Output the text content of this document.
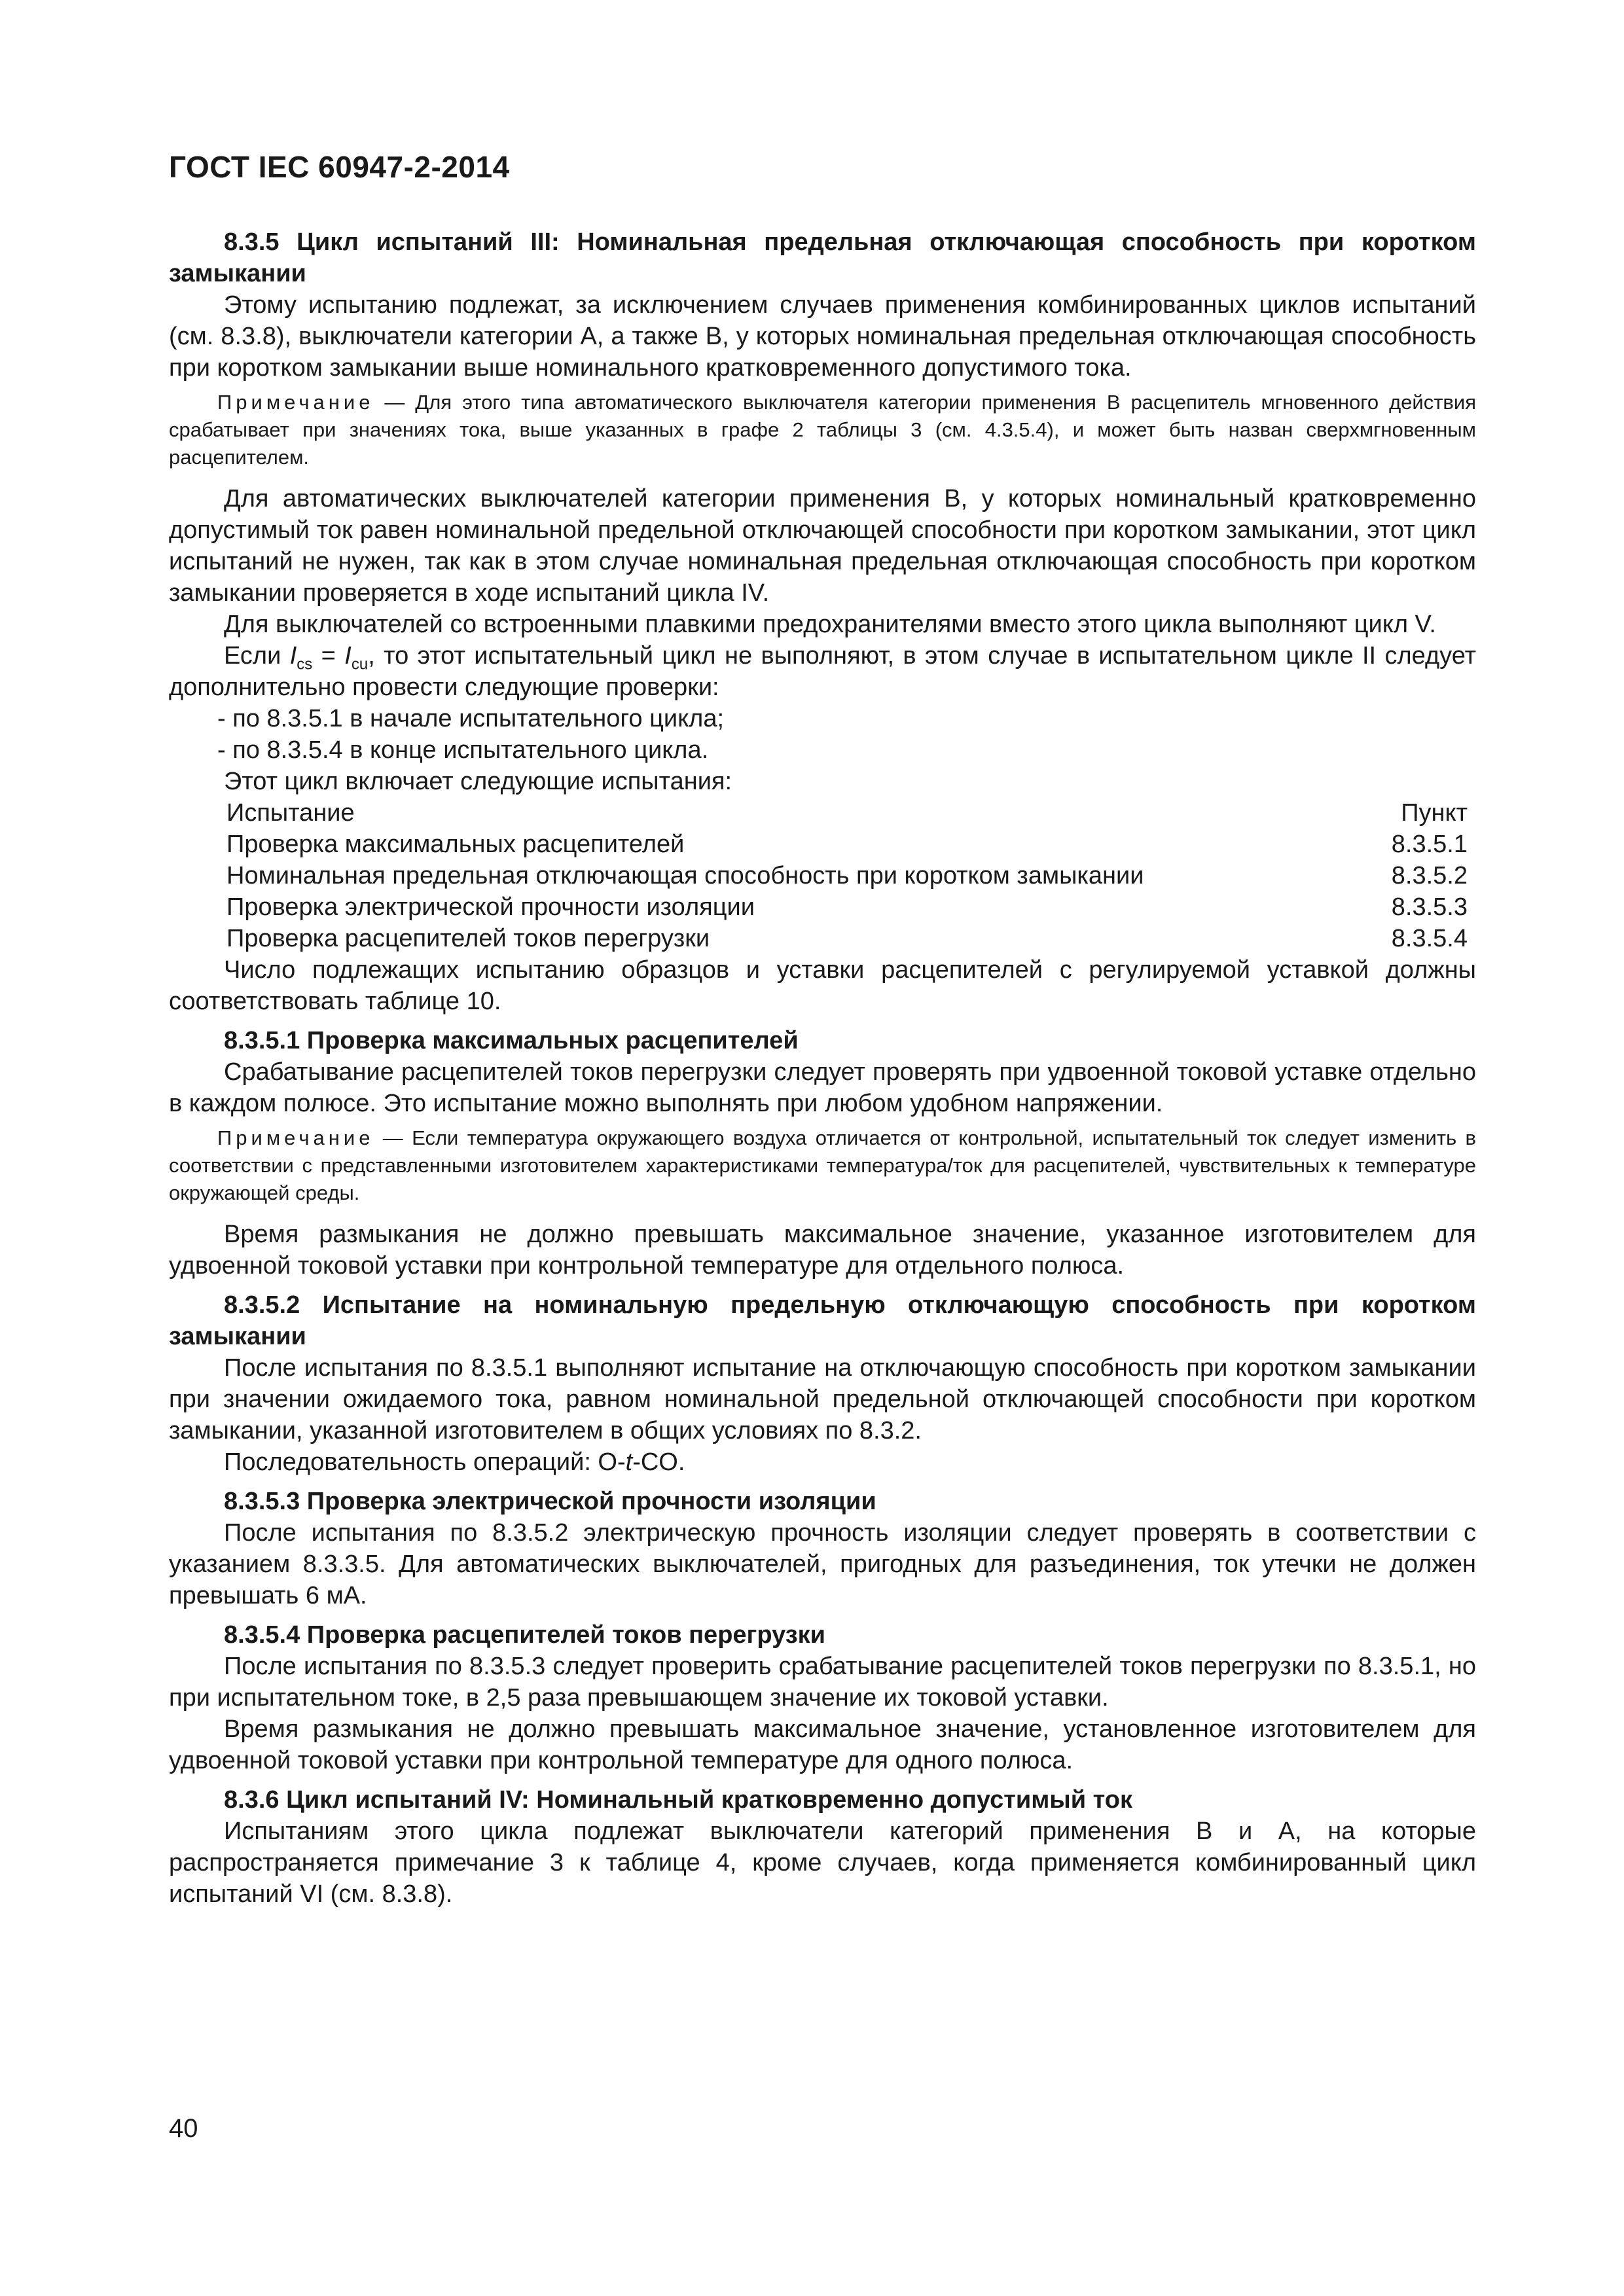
ГОСТ IEC 60947-2-2014

8.3.5 Цикл испытаний III: Номинальная предельная отключающая способность при коротком замыкании

Этому испытанию подлежат, за исключением случаев применения комбинированных циклов испытаний (см. 8.3.8), выключатели категории А, а также В, у которых номинальная предельная отключающая способность при коротком замыкании выше номинального кратковременного допустимого тока.

Примечание — Для этого типа автоматического выключателя категории применения В расцепитель мгновенного действия срабатывает при значениях тока, выше указанных в графе 2 таблицы 3 (см. 4.3.5.4), и может быть назван сверхмгновенным расцепителем.

Для автоматических выключателей категории применения В, у которых номинальный кратковременно допустимый ток равен номинальной предельной отключающей способности при коротком замыкании, этот цикл испытаний не нужен, так как в этом случае номинальная предельная отключающая способность при коротком замыкании проверяется в ходе испытаний цикла IV.

Для выключателей со встроенными плавкими предохранителями вместо этого цикла выполняют цикл V.

Если $I_{cs} = I_{cu}$, то этот испытательный цикл не выполняют, в этом случае в испытательном цикле II следует дополнительно провести следующие проверки:

- по 8.3.5.1 в начале испытательного цикла;

- по 8.3.5.4 в конце испытательного цикла.

Этот цикл включает следующие испытания:

Испытание	Пункт
Проверка максимальных расцепителей	8.3.5.1
Номинальная предельная отключающая способность при коротком замыкании	8.3.5.2
Проверка электрической прочности изоляции	8.3.5.3
Проверка расцепителей токов перегрузки	8.3.5.4

Число подлежащих испытанию образцов и уставки расцепителей с регулируемой уставкой должны соответствовать таблице 10.

8.3.5.1 Проверка максимальных расцепителей

Срабатывание расцепителей токов перегрузки следует проверять при удвоенной токовой уставке отдельно в каждом полюсе. Это испытание можно выполнять при любом удобном напряжении.

Примечание — Если температура окружающего воздуха отличается от контрольной, испытательный ток следует изменить в соответствии с представленными изготовителем характеристиками температура/ток для расцепителей, чувствительных к температуре окружающей среды.

Время размыкания не должно превышать максимальное значение, указанное изготовителем для удвоенной токовой уставки при контрольной температуре для отдельного полюса.

8.3.5.2 Испытание на номинальную предельную отключающую способность при коротком замыкании

После испытания по 8.3.5.1 выполняют испытание на отключающую способность при коротком замыкании при значении ожидаемого тока, равном номинальной предельной отключающей способности при коротком замыкании, указанной изготовителем в общих условиях по 8.3.2.

Последовательность операций: O-t-CO.

8.3.5.3 Проверка электрической прочности изоляции

После испытания по 8.3.5.2 электрическую прочность изоляции следует проверять в соответствии с указанием 8.3.3.5. Для автоматических выключателей, пригодных для разъединения, ток утечки не должен превышать 6 мА.

8.3.5.4 Проверка расцепителей токов перегрузки

После испытания по 8.3.5.3 следует проверить срабатывание расцепителей токов перегрузки по 8.3.5.1, но при испытательном токе, в 2,5 раза превышающем значение их токовой уставки.

Время размыкания не должно превышать максимальное значение, установленное изготовителем для удвоенной токовой уставки при контрольной температуре для одного полюса.

8.3.6 Цикл испытаний IV: Номинальный кратковременно допустимый ток

Испытаниям этого цикла подлежат выключатели категорий применения В и А, на которые распространяется примечание 3 к таблице 4, кроме случаев, когда применяется комбинированный цикл испытаний VI (см. 8.3.8).

40
